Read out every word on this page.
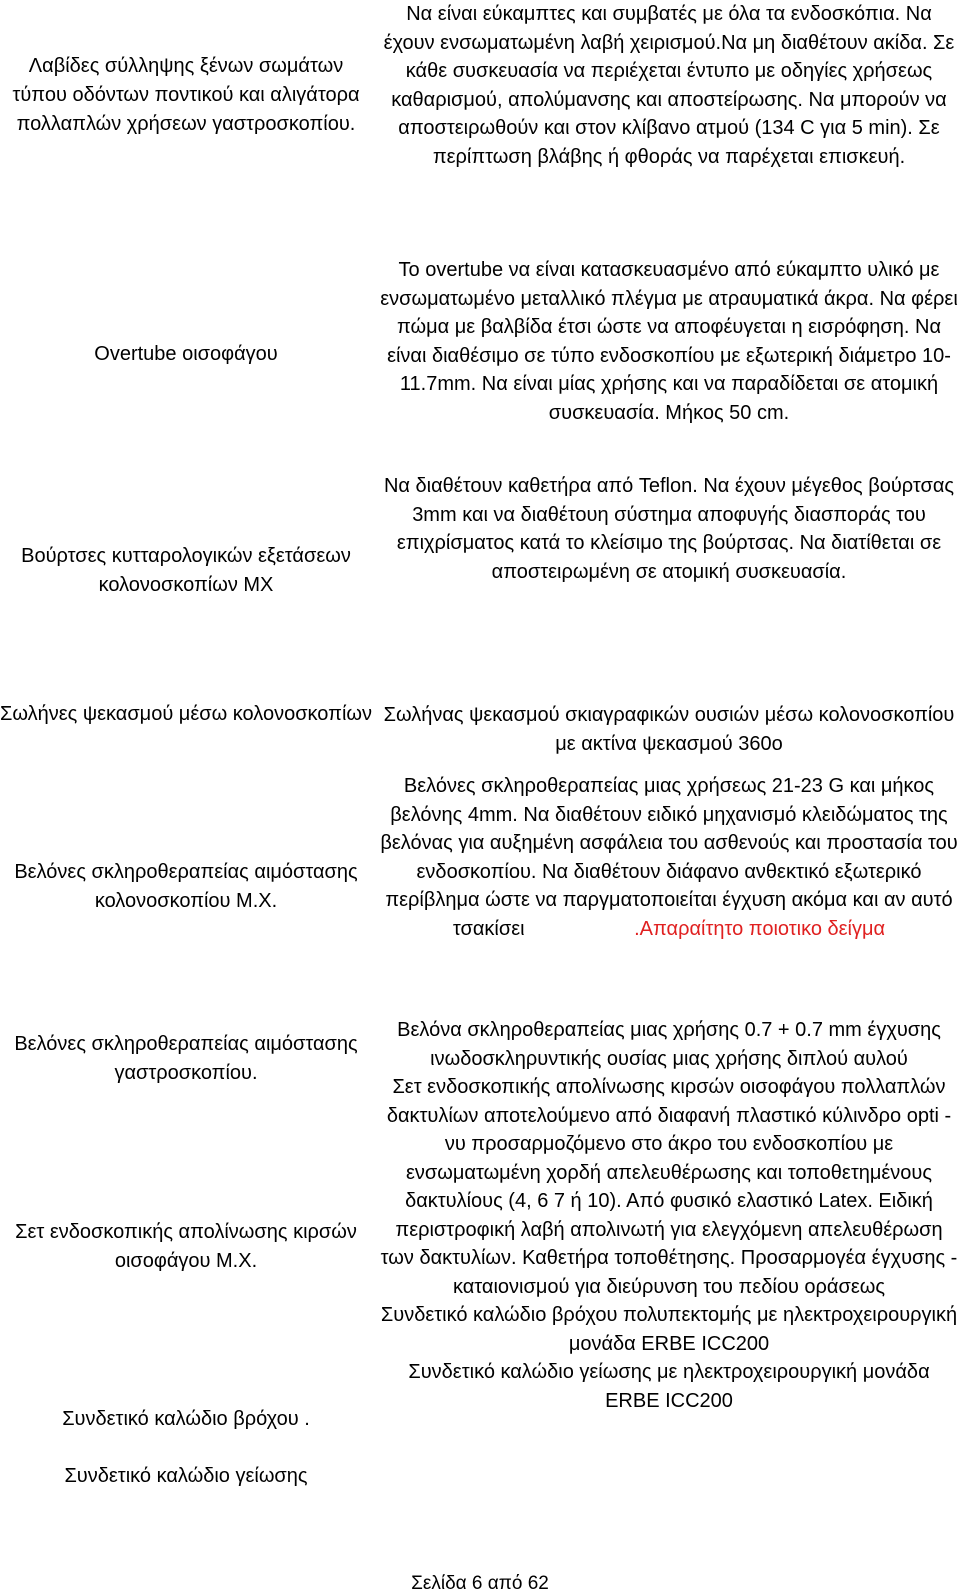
Λαβίδες σύλληψης ξένων σωμάτων τύπου οδόντων ποντικού και αλιγάτορα πολλαπλών χρήσεων γαστροσκοπίου.

Να είναι εύκαμπτες και συμβατές με όλα τα ενδοσκόπια. Να έχουν ενσωματωμένη λαβή χειρισμού.Να μη διαθέτουν ακίδα. Σε κάθε συσκευασία να περιέχεται έντυπο με οδηγίες χρήσεως καθαρισμού, απολύμανσης και αποστείρωσης. Να μπορούν να αποστειρωθούν και στον κλίβανο ατμού (134 C για 5 min). Σε περίπτωση βλάβης ή φθοράς να παρέχεται επισκευή.

Overtube οισοφάγου

Το overtube να είναι κατασκευασμένο από εύκαμπτο υλικό με ενσωματωμένο μεταλλικό πλέγμα με ατραυματικά άκρα. Να φέρει πώμα με βαλβίδα έτσι ώστε να αποφέυγεται η εισρόφηση. Να είναι διαθέσιμο σε τύπο ενδοσκοπίου με εξωτερική διάμετρο 10-11.7mm. Να είναι μίας χρήσης και να παραδίδεται σε ατομική συσκευασία. Μήκος 50 cm.

Βούρτσες κυτταρολογικών εξετάσεων κολονοσκοπίων ΜΧ

Να διαθέτουν καθετήρα από Teflon. Να έχουν μέγεθος βούρτσας 3mm και να διαθέτουη σύστημα αποφυγής διασποράς του επιχρίσματος κατά το κλείσιμο της βούρτσας. Να διατίθεται σε αποστειρωμένη σε ατομική συσκευασία.

Σωλήνες ψεκασμού μέσω κολονοσκοπίων Σωλήνας ψεκασμού σκιαγραφικών ουσιών μέσω κολονοσκοπίου με ακτίνα ψεκασμού 360ο

Βελόνες σκληροθεραπείας αιμόστασης κολονοσκοπίου Μ.Χ.

Βελόνες σκληροθεραπείας μιας χρήσεως 21-23 G και μήκος βελόνης 4mm. Να διαθέτουν ειδικό μηχανισμό κλειδώματος της βελόνας για αυξημένη ασφάλεια του ασθενούς και προστασία του ενδοσκοπίου. Να διαθέτουν διάφανο ανθεκτικό εξωτερικό περίβλημα ώστε να παργματοποιείται έγχυση ακόμα και αν αυτό τσακίσει	.Απαραίτητο ποιοτικο δείγμα

Βελόνες σκληροθεραπείας αιμόστασης γαστροσκοπίου.

Σετ ενδοσκοπικής απολίνωσης κιρσών οισοφάγου Μ.Χ.

Συνδετικό καλώδιο βρόχου .

Συνδετικό καλώδιο γείωσης

Βελόνα σκληροθεραπείας μιας χρήσης 0.7 + 0.7 mm έγχυσης ινωδοσκληρυντικής ουσίας μιας χρήσης διπλού αυλού

Σετ ενδοσκοπικής απολίνωσης κιρσών οισοφάγου πολλαπλών δακτυλίων αποτελούμενο από διαφανή πλαστικό κύλινδρο opti - νυ προσαρμοζόμενο στο άκρο του ενδοσκοπίου με ενσωματωμένη χορδή απελευθέρωσης και τοποθετημένους δακτυλίους (4, 6 7 ή 10). Από φυσικό ελαστικό Latex. Ειδική περιστροφική λαβή απολινωτή για ελεγχόμενη απελευθέρωση των δακτυλίων. Καθετήρα τοποθέτησης. Προσαρμογέα έγχυσης - καταιονισμού για διεύρυνση του πεδίου οράσεως

Συνδετικό καλώδιο βρόχου πολυπεκτομής με ηλεκτροχειρουργική μονάδα ERBE ICC200

Συνδετικό καλώδιο γείωσης με ηλεκτροχειρουργική μονάδα ERBE ICC200

Σελίδα 6 από 62
